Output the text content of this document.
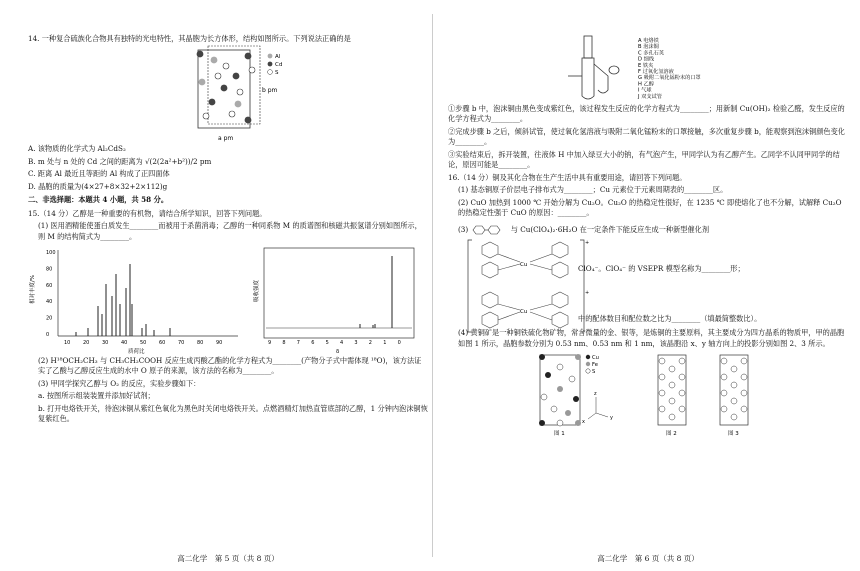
14. 一种复合硫族化合物具有独特的光电特性，其晶胞为长方体形，结构如图所示。下列说法正确的是

a pm
b pm
Al
Cd
S

A. 该物质的化学式为 Al₂CdS₂

B. m 处与 n 处的 Cd 之间的距离为 √(2(2a²+b²))/2 pm

C. 距离 Al 最近且等距的 Al 构成了正四面体

D. 晶胞的质量为(4×27+8×32+2×112)g

二、非选择题：本题共 4 小题，共 58 分。

15.（14 分）乙醇是一种重要的有机物，请结合所学知识，回答下列问题。

(1) 医用酒精能使蛋白质发生________而被用于杀菌消毒；乙醇的一种同系物 M 的质谱图和核磁共振氢谱分别如图所示，则 M 的结构简式为________。

相对丰度/%
100
80
60
40
20
0
10	20	30	40	50	60	70	80	90
质荷比
吸收强度
9 8 7 6 5 4 3 2 1 0
δ

(2) H¹⁸OCH₂CH₃ 与 CH₃CH₂COOH 反应生成丙酸乙酯的化学方程式为________(产物分子式中需体现 ¹⁸O)，该方法证实了乙酸与乙醇反应生成的水中 O 原子的来源，该方法的名称为________。

(3) 甲同学探究乙醇与 O₂ 的反应，实验步骤如下：

a. 按图所示组装装置并添加好试剂；

b. 打开电烙铁开关，待泡沫铜从紫红色氧化为黑色时关闭电烙铁开关。点燃酒精灯加热直管底部的乙醇，1 分钟内泡沫铜恢复紫红色。

高二化学　第 5 页（共 8 页）
A 电烙铁
B 泡沫铜
C 多孔石英
D 细线
E 铁夹
F 过氧化氢溶液
G 吸附二氧化锰粉末的口罩
H 乙醇
I 气球
J 双支试管

①步骤 b 中，泡沫铜由黑色变成紫红色，该过程发生反应的化学方程式为________；用新制 Cu(OH)₂ 检验乙醛，发生反应的化学方程式为________。

②完成步骤 b 之后，倾斜试管，使过氧化氢溶液与吸附二氧化锰粉末的口罩接触，多次重复步骤 b，能观察到泡沫铜颜色变化为________。

③实验结束后，拆开装置，往液体 H 中加入绿豆大小的钠，有气泡产生，甲同学认为有乙醇产生。乙同学不认同甲同学的结论，原因可能是________。

16.（14 分）铜及其化合物在生产生活中具有重要用途，请回答下列问题。

(1) 基态铜原子价层电子排布式为________；Cu 元素位于元素周期表的________区。

(2) CuO 加热到 1000 ℃ 开始分解为 Cu₂O。Cu₂O 的热稳定性很好，在 1235 ℃ 即使熔化了也不分解，试解释 Cu₂O 的热稳定性强于 CuO 的原因：________。

(3)	与 Cu(ClO₄)₂·6H₂O 在一定条件下能反应生成一种新型催化剂
Cu
Cu
+
+

ClO₄⁻。ClO₄⁻ 的 VSEPR 模型名称为________形；

中的配体数目和配位数之比为________（填最简整数比）。

(4) 黄铜矿是一种铜铁硫化物矿物，常含微量的金、银等，是炼铜的主要原料，其主要成分为四方晶系的物质甲，甲的晶胞如图 1 所示，晶胞参数分别为 0.53 nm、0.53 nm 和 1 nm，该晶胞沿 x、y 轴方向上的投影分别如图 2、3 所示。

z
y
x
Cu
Fe
S
图 1	图 2	图 3
高二化学　第 6 页（共 8 页）
